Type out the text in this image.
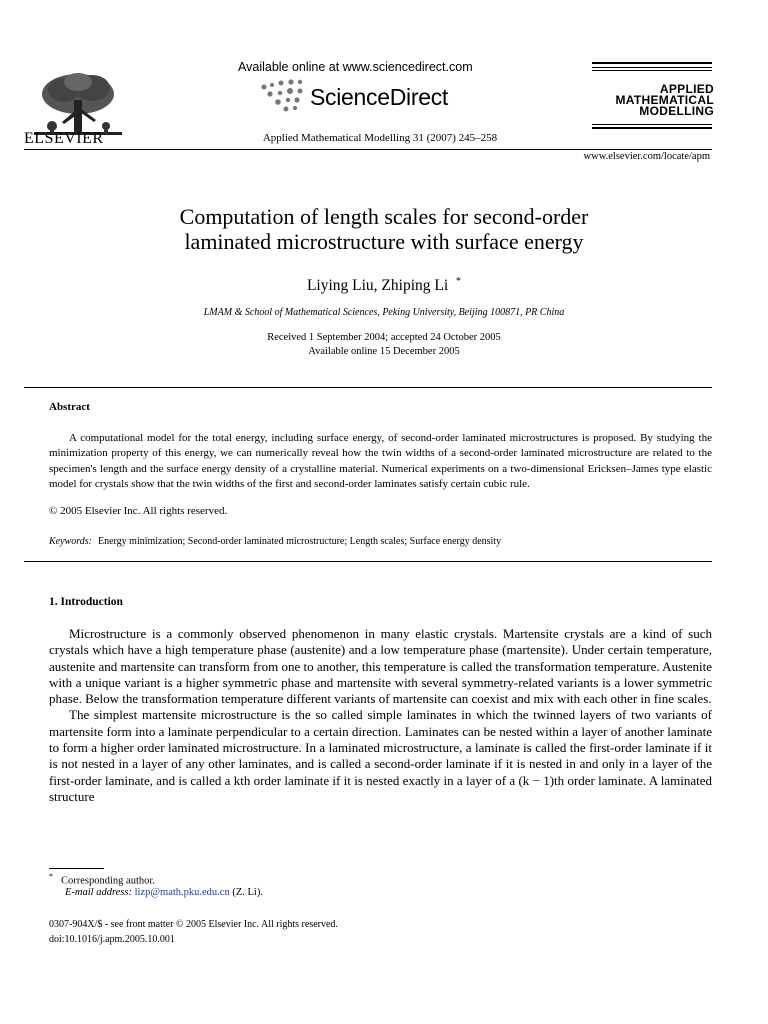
ELSEVIER
Available online at www.sciencedirect.com
ScienceDirect
Applied Mathematical Modelling 31 (2007) 245–258
APPLIED
MATHEMATICAL
MODELLING
www.elsevier.com/locate/apm
Computation of length scales for second-order
laminated microstructure with surface energy
Liying Liu, Zhiping Li *
LMAM & School of Mathematical Sciences, Peking University, Beijing 100871, PR China
Received 1 September 2004; accepted 24 October 2005
Available online 15 December 2005
Abstract

A computational model for the total energy, including surface energy, of second-order laminated microstructures is proposed. By studying the minimization property of this energy, we can numerically reveal how the twin widths of a second-order laminated microstructure are related to the specimen's length and the surface energy density of a crystalline material. Numerical experiments on a two-dimensional Ericksen–James type elastic model for crystals show that the twin widths of the first and second-order laminates satisfy certain cubic rule.

© 2005 Elsevier Inc. All rights reserved.
Keywords: Energy minimization; Second-order laminated microstructure; Length scales; Surface energy density
1. Introduction

Microstructure is a commonly observed phenomenon in many elastic crystals. Martensite crystals are a kind of such crystals which have a high temperature phase (austenite) and a low temperature phase (martensite). Under certain temperature, austenite and martensite can transform from one to another, this temperature is called the transformation temperature. Austenite with a unique variant is a higher symmetric phase and martensite with several symmetry-related variants is a lower symmetric phase. Below the transformation temperature different variants of martensite can coexist and mix with each other in fine scales.

The simplest martensite microstructure is the so called simple laminates in which the twinned layers of two variants of martensite form into a laminate perpendicular to a certain direction. Laminates can be nested within a layer of another laminate to form a higher order laminated microstructure. In a laminated microstructure, a laminate is called the first-order laminate if it is not nested in a layer of any other laminates, and is called a second-order laminate if it is nested in and only in a layer of the first-order laminate, and is called a kth order laminate if it is nested exactly in a layer of a (k − 1)th order laminate. A laminated structure

* Corresponding author.
E-mail address: lizp@math.pku.edu.cn (Z. Li).
0307-904X/$ - see front matter © 2005 Elsevier Inc. All rights reserved.
doi:10.1016/j.apm.2005.10.001
